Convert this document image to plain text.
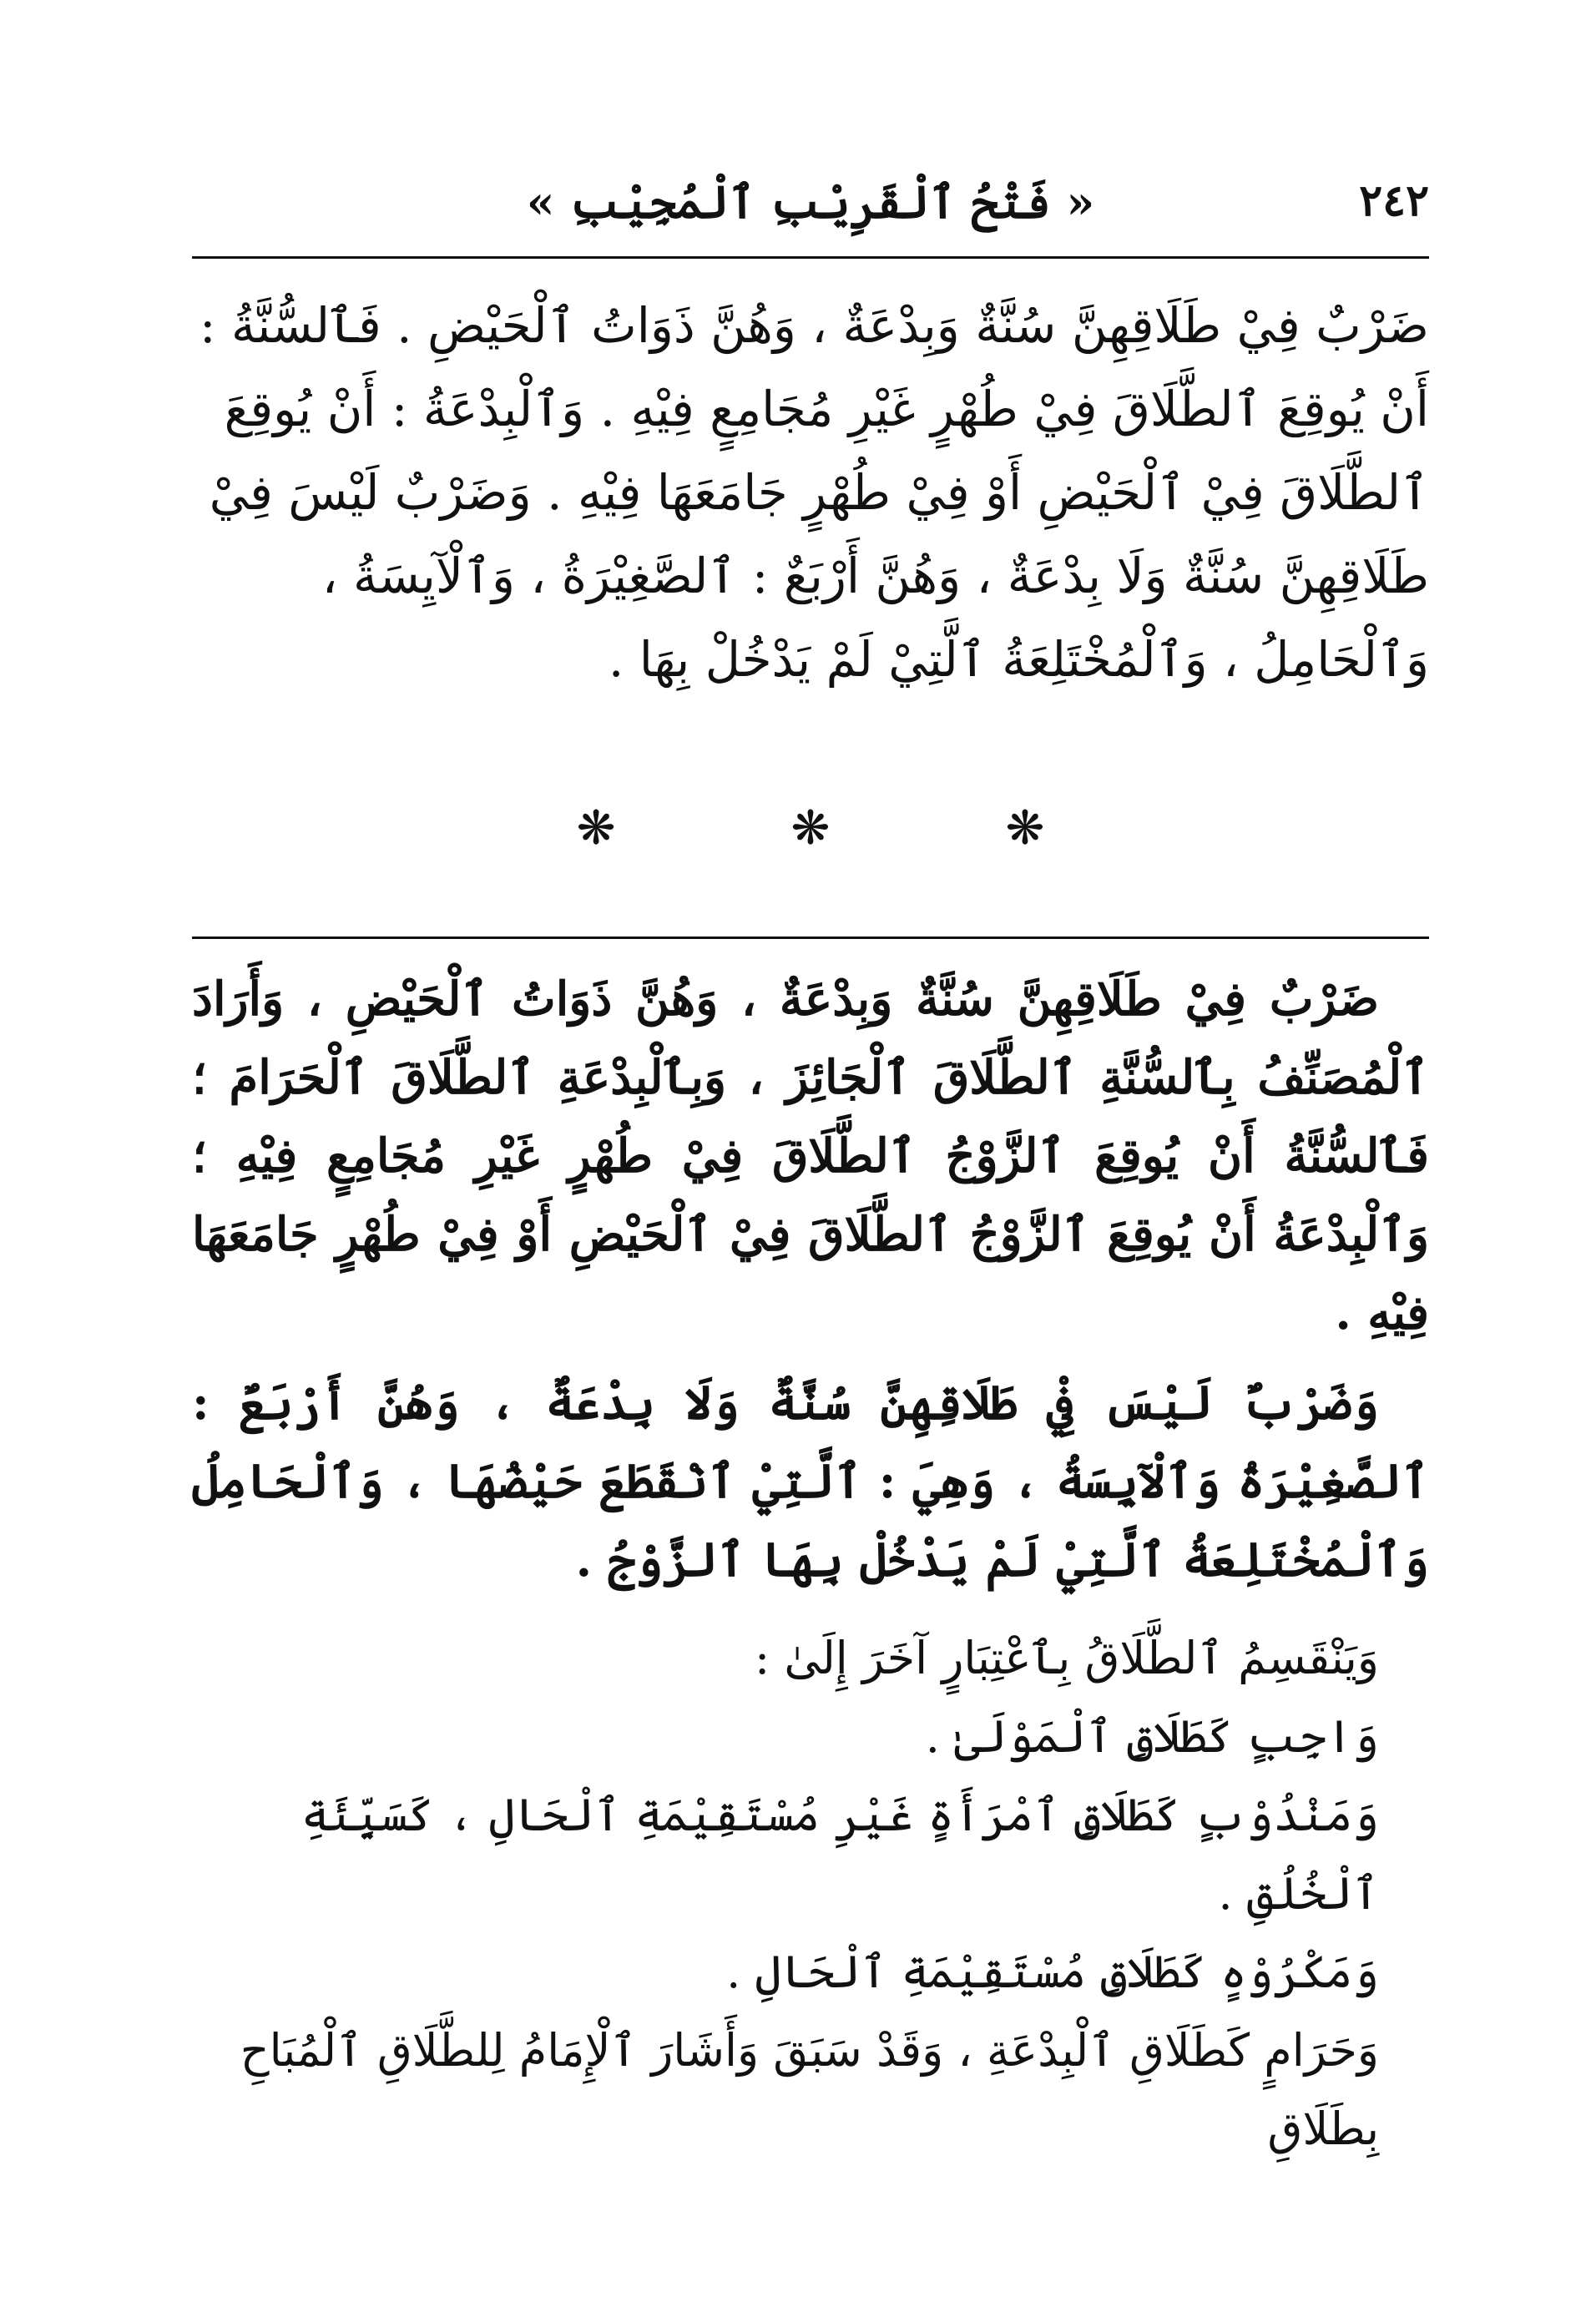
٢٤٢
« فَتْحُ ٱلْقَرِيْبِ ٱلْمُجِيْبِ »

ضَرْبٌ فِيْ طَلَاقِهِنَّ سُنَّةٌ وَبِدْعَةٌ ، وَهُنَّ ذَوَاتُ ٱلْحَيْضِ . فَٱلسُّنَّةُ :

أَنْ يُوقِعَ ٱلطَّلَاقَ فِيْ طُهْرٍ غَيْرِ مُجَامِعٍ فِيْهِ . وَٱلْبِدْعَةُ : أَنْ يُوقِعَ

ٱلطَّلَاقَ فِيْ ٱلْحَيْضِ أَوْ فِيْ طُهْرٍ جَامَعَهَا فِيْهِ . وَضَرْبٌ لَيْسَ فِيْ

طَلَاقِهِنَّ سُنَّةٌ وَلَا بِدْعَةٌ ، وَهُنَّ أَرْبَعٌ : ٱلصَّغِيْرَةُ ، وَٱلْآيِسَةُ ،

وَٱلْحَامِلُ ، وَٱلْمُخْتَلِعَةُ ٱلَّتِيْ لَمْ يَدْخُلْ بِهَا .

❋
❋
❋

ضَرْبٌ فِيْ طَلَاقِهِنَّ سُنَّةٌ وَبِدْعَةٌ ، وَهُنَّ ذَوَاتُ ٱلْحَيْضِ ، وَأَرَادَ ٱلْمُصَنِّفُ بِٱلسُّنَّةِ ٱلطَّلَاقَ ٱلْجَائِزَ ، وَبِٱلْبِدْعَةِ ٱلطَّلَاقَ ٱلْحَرَامَ ؛ فَٱلسُّنَّةُ أَنْ يُوقِعَ ٱلزَّوْجُ ٱلطَّلَاقَ فِيْ طُهْرٍ غَيْرِ مُجَامِعٍ فِيْهِ ؛ وَٱلْبِدْعَةُ أَنْ يُوقِعَ ٱلزَّوْجُ ٱلطَّلَاقَ فِيْ ٱلْحَيْضِ أَوْ فِيْ طُهْرٍ جَامَعَهَا فِيْهِ .

وَضَرْبٌ لَيْسَ فِيْ طَلَاقِهِنَّ سُنَّةٌ وَلَا بِدْعَةٌ ، وَهُنَّ أَرْبَعٌ : ٱلصَّغِيْرَةُ وَٱلْآيِسَةُ ، وَهِيَ : ٱلَّتِيْ ٱنْقَطَعَ حَيْضُهَا ، وَٱلْحَامِلُ وَٱلْمُخْتَلِعَةُ ٱلَّتِيْ لَمْ يَدْخُلْ بِهَا ٱلزَّوْجُ .

وَيَنْقَسِمُ ٱلطَّلَاقُ بِٱعْتِبَارٍ آخَرَ إِلَىٰ :

وَاجِبٍ كَطَلَاقِ ٱلْمَوْلَىٰ .

وَمَنْدُوْبٍ كَطَلَاقِ ٱمْرَأَةٍ غَيْرِ مُسْتَقِيْمَةِ ٱلْحَالِ ، كَسَيِّئَةِ ٱلْخُلُقِ .

وَمَكْرُوْهٍ كَطَلَاقِ مُسْتَقِيْمَةِ ٱلْحَالِ .

وَحَرَامٍ كَطَلَاقِ ٱلْبِدْعَةِ ، وَقَدْ سَبَقَ وَأَشَارَ ٱلْإِمَامُ لِلطَّلَاقِ ٱلْمُبَاحِ بِطَلَاقِ
